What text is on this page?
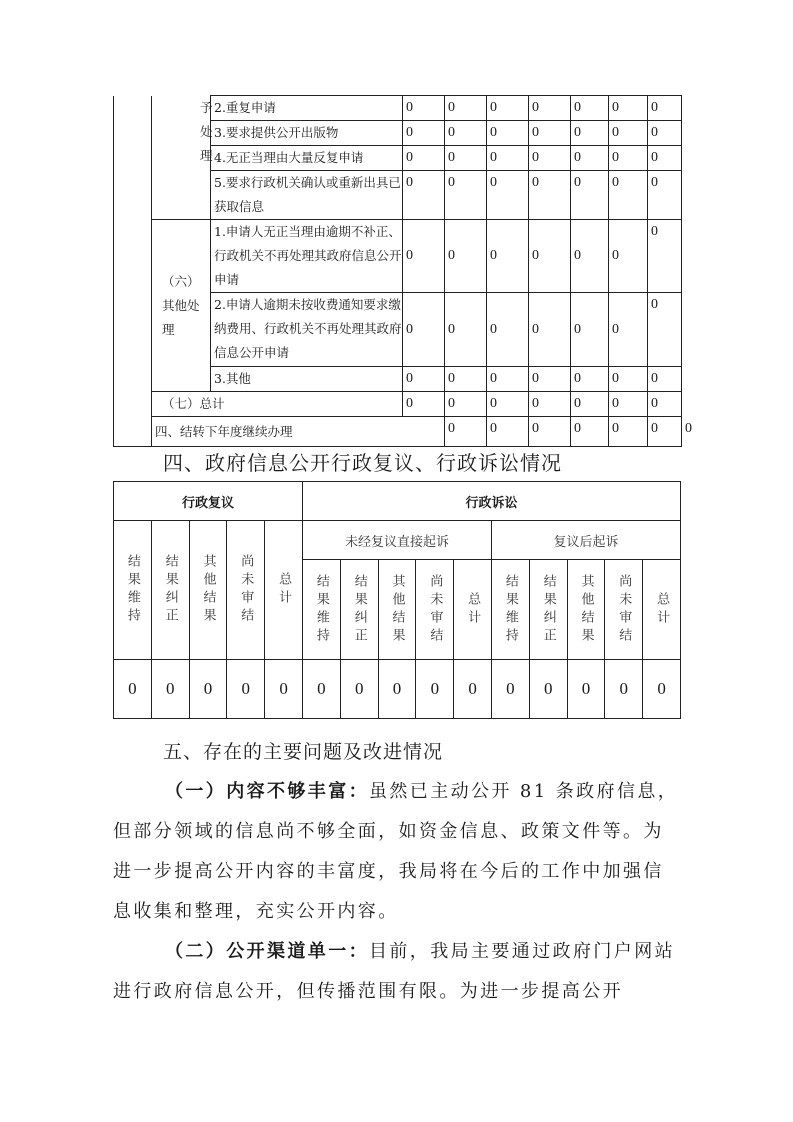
	予处理	2.重复申请	0	0	0	0	0	0	0	
		3.要求提供公开出版物	0	0	0	0	0	0	0	
		4.无正当理由大量反复申请	0	0	0	0	0	0	0	
		5.要求行政机关确认或重新出具已获取信息	0	0	0	0	0	0	0	
	（六）其他处理	1.申请人无正当理由逾期不补正、行政机关不再处理其政府信息公开申请	0	0	0	0	0	0	0	
		2.申请人逾期未按收费通知要求缴纳费用、行政机关不再处理其政府信息公开申请	0	0	0	0	0	0	0	
		3.其他	0	0	0	0	0	0	0	
	（七）总计		0	0	0	0	0	0	0	
	四、结转下年度继续办理			0	0	0	0	0	0	0
四、政府信息公开行政复议、行政诉讼情况
行政复议					行政诉讼									

结果维持	结果纠正	其他结果	尚未审结	总计	未经复议直接起诉					复议后起诉				

					结果维持	结果纠正	其他结果	尚未审结	总计	结果维持	结果纠正	其他结果	尚未审结	总计

0	0	0	0	0	0	0	0	0	0	0	0	0	0	0
五、存在的主要问题及改进情况
（一）内容不够丰富：虽然已主动公开 81 条政府信息，但部分领域的信息尚不够全面，如资金信息、政策文件等。为进一步提高公开内容的丰富度，我局将在今后的工作中加强信息收集和整理，充实公开内容。
（二）公开渠道单一：目前，我局主要通过政府门户网站进行政府信息公开，但传播范围有限。为进一步提高公开
